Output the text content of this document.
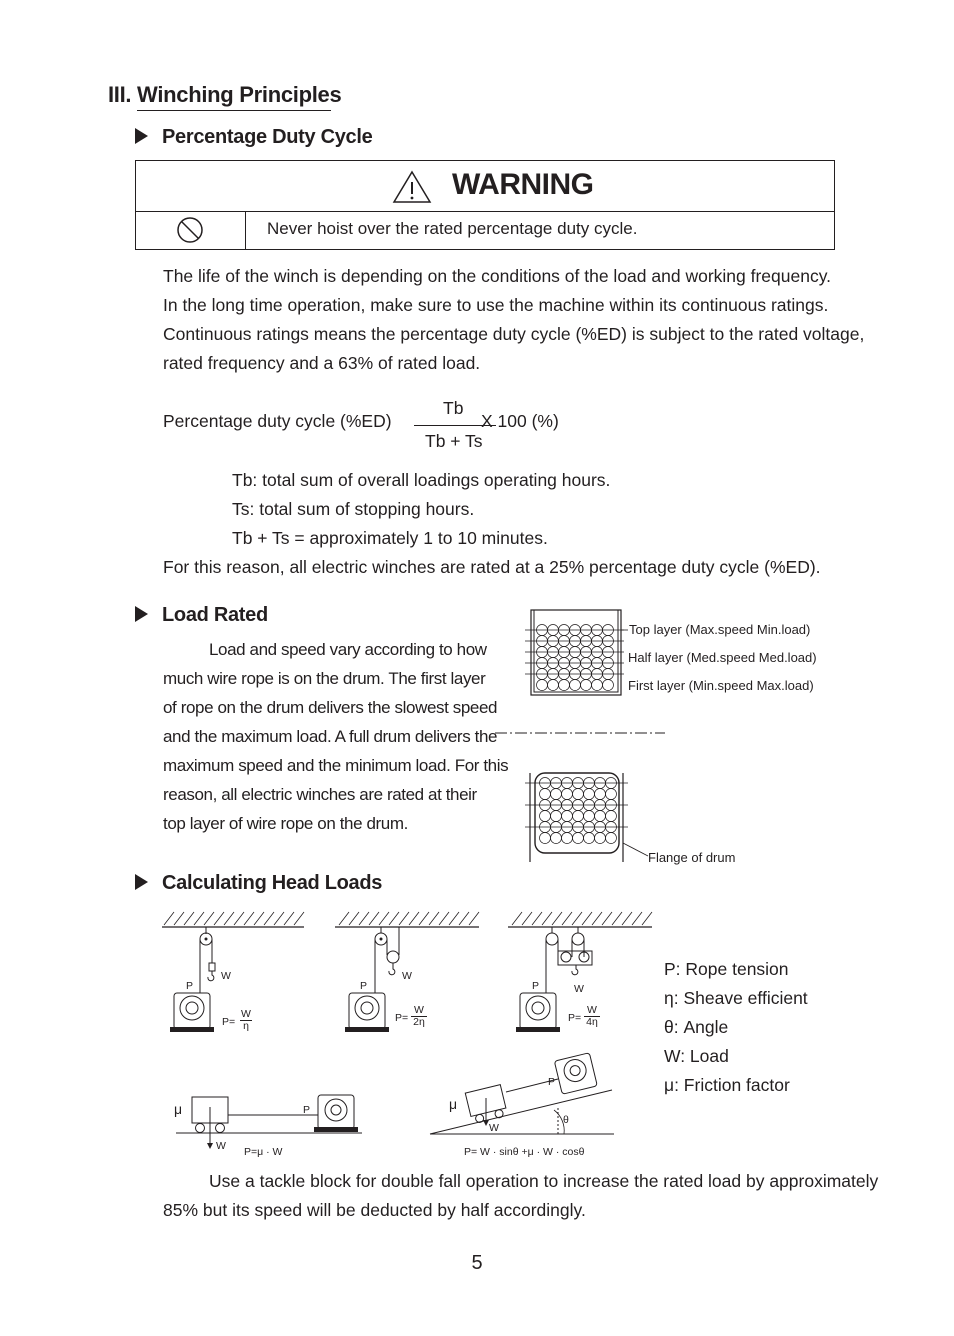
III. Winching Principles
Percentage Duty Cycle
WARNING
Never hoist over the rated percentage duty cycle.
The life of the winch is depending on the conditions of the load and working frequency.
In the long time operation, make sure to use the machine within its continuous ratings.
Continuous ratings means the percentage duty cycle (%ED) is subject to the rated voltage,
rated frequency and a 63% of rated load.
Percentage duty cycle (%ED)
Tb
Tb + Ts
X 100 (%)
Tb: total sum of overall loadings operating hours.
Ts: total sum of stopping hours.
Tb + Ts = approximately 1 to 10 minutes.
For this reason, all electric winches are rated at a 25% percentage duty cycle (%ED).
Load Rated
Load and speed vary according to how
much wire rope is on the drum. The first layer
of rope on the drum delivers the slowest speed
and the maximum load. A full drum delivers the
maximum speed and the minimum load. For this
reason, all electric winches are rated at their
top layer of wire rope on the drum.
Top layer (Max.speed Min.load)
Half layer (Med.speed Med.load)
First layer (Min.speed Max.load)
Flange of drum
Calculating Head Loads
W
P
P=
W
η
W
P
P=
W
2η
W
P
P=
W
4η
P: Rope tension
η: Sheave efficient
θ: Angle
W: Load
μ: Friction factor
μ	P
W P=μ · W
μ
P
W
θ
P= W · sinθ +μ · W · cosθ
Use a tackle block for double fall operation to increase the rated load by approximately
85% but its speed will be deducted by half accordingly.
5
